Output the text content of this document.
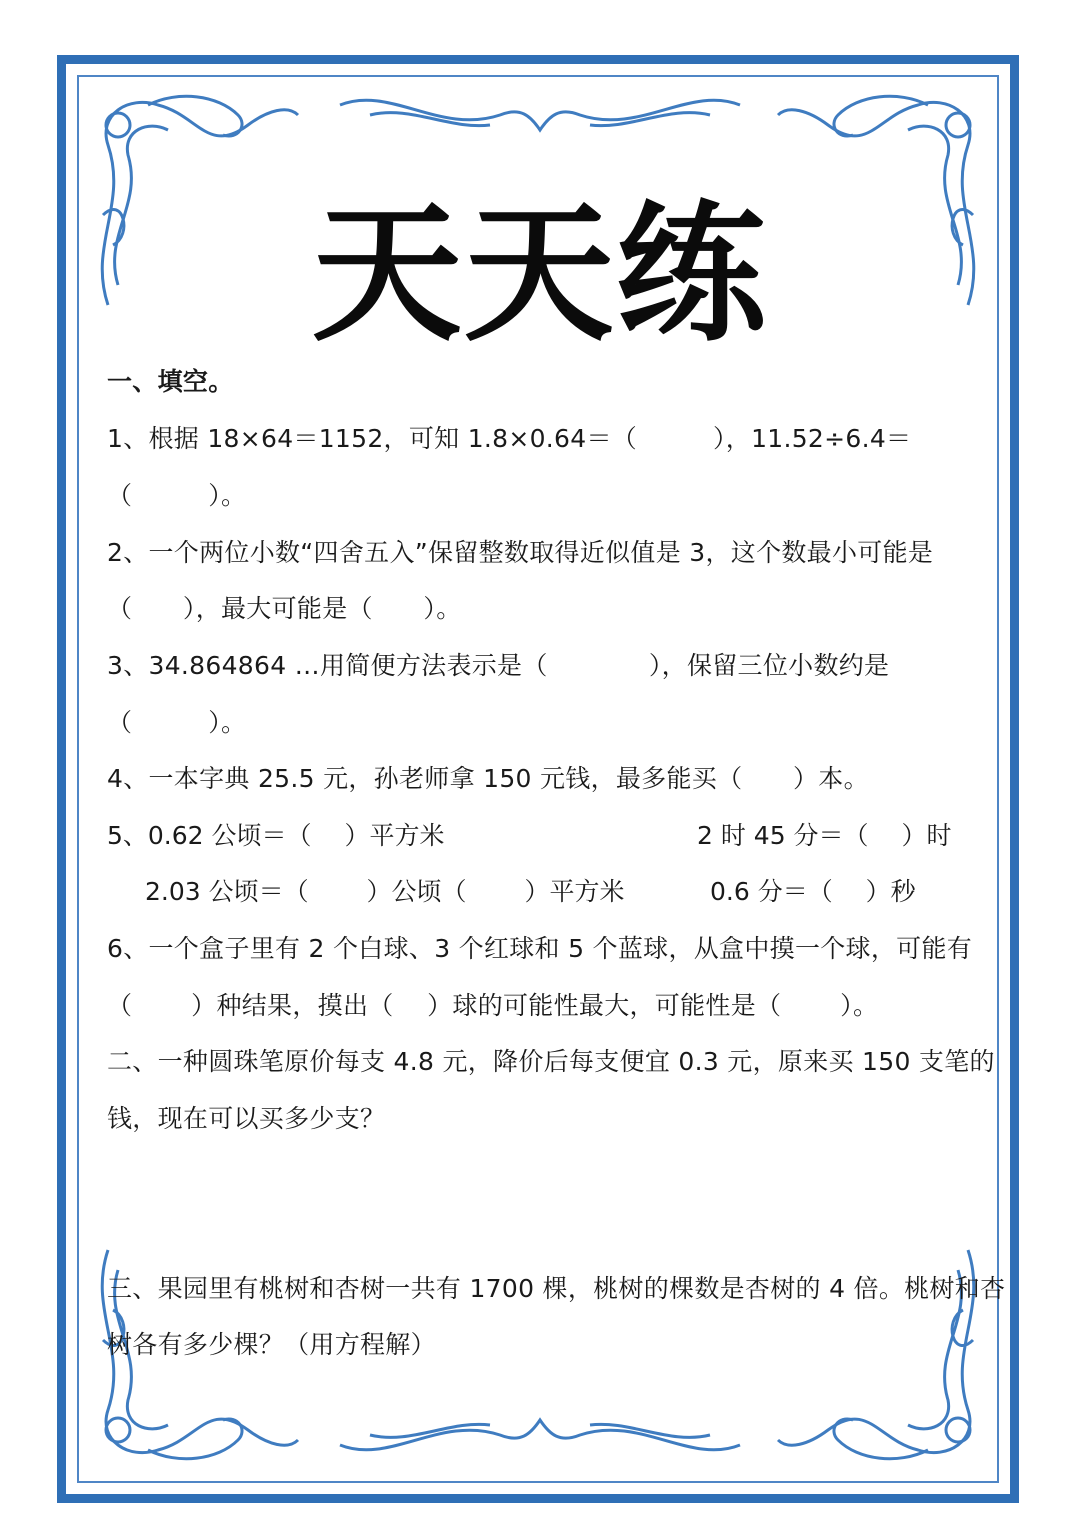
天天练
一、填空。
1、根据 18×64＝1152，可知 1.8×0.64＝（　　　），11.52÷6.4＝
（　　　）。
2、一个两位小数“四舍五入”保留整数取得近似值是 3，这个数最小可能是
（　　），最大可能是（　　）。
3、34.864864 …用简便方法表示是（　　　　），保留三位小数约是
（　　　）。
4、一本字典 25.5 元，孙老师拿 150 元钱，最多能买（　　）本。
5、0.62 公顷＝（　 ）平方米	2 时 45 分＝（　 ）时
2.03 公顷＝（　　 ）公顷（　　 ）平方米	0.6 分＝（　 ）秒
6、一个盒子里有 2 个白球、3 个红球和 5 个蓝球，从盒中摸一个球，可能有
（　　 ）种结果，摸出（　 ）球的可能性最大，可能性是（　　 ）。
二、一种圆珠笔原价每支 4.8 元，降价后每支便宜 0.3 元，原来买 150 支笔的
钱，现在可以买多少支？
三、果园里有桃树和杏树一共有 1700 棵，桃树的棵数是杏树的 4 倍。桃树和杏
树各有多少棵？（用方程解）
